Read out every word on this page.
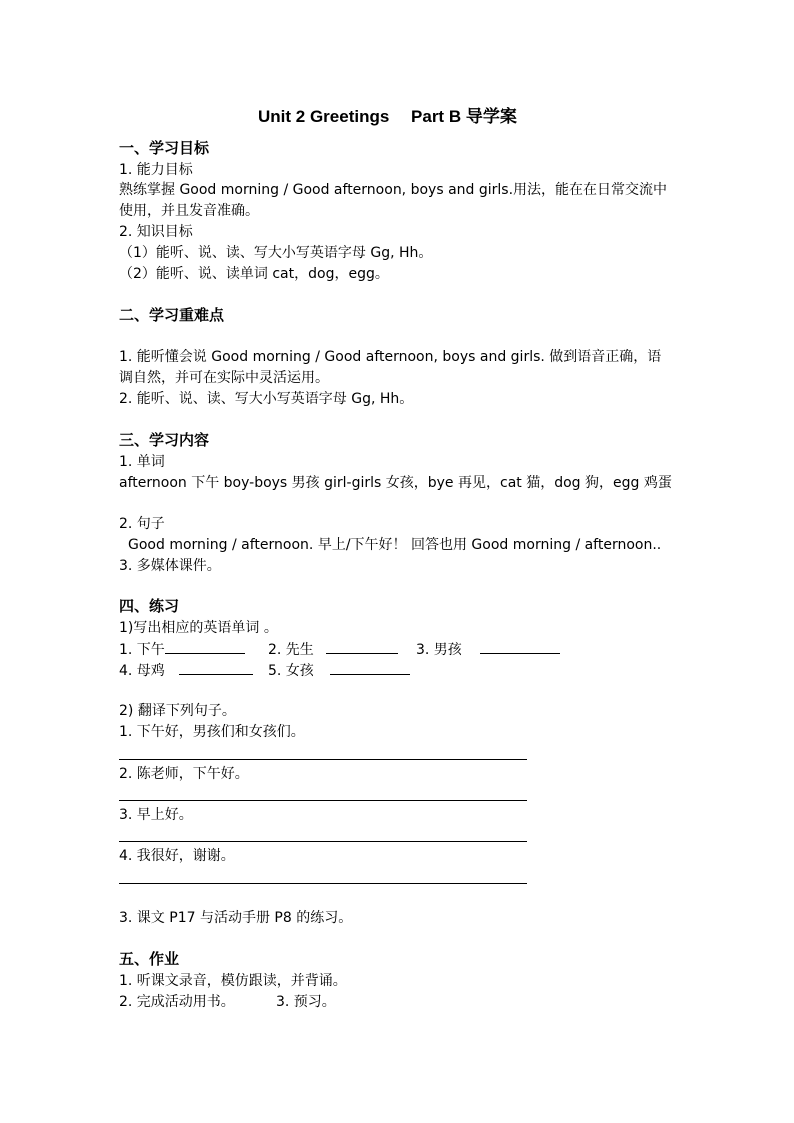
Unit 2 Greetings　 Part B 导学案
一、学习目标
1. 能力目标
熟练掌握 Good morning / Good afternoon, boys and girls.用法，能在在日常交流中使用，并且发音准确。
2. 知识目标
（1）能听、说、读、写大小写英语字母 Gg, Hh。
（2）能听、说、读单词 cat，dog，egg。
二、学习重难点
1. 能听懂会说 Good morning / Good afternoon, boys and girls. 做到语音正确，语调自然，并可在实际中灵活运用。
2. 能听、说、读、写大小写英语字母 Gg, Hh。
三、学习内容
1. 单词
afternoon 下午 boy-boys 男孩 girl-girls 女孩，bye 再见，cat 猫，dog 狗，egg 鸡蛋
2. 句子
Good morning / afternoon. 早上/下午好！ 回答也用 Good morning / afternoon..
3. 多媒体课件。
四、练习
1)写出相应的英语单词 。
1. 下午	2. 先生	3. 男孩
4. 母鸡	5. 女孩
2) 翻译下列句子。
1. 下午好，男孩们和女孩们。
2. 陈老师，下午好。
3. 早上好。
4. 我很好，谢谢。
3. 课文 P17 与活动手册 P8 的练习。
五、作业
1. 听课文录音，模仿跟读，并背诵。
2. 完成活动用书。	3. 预习。
